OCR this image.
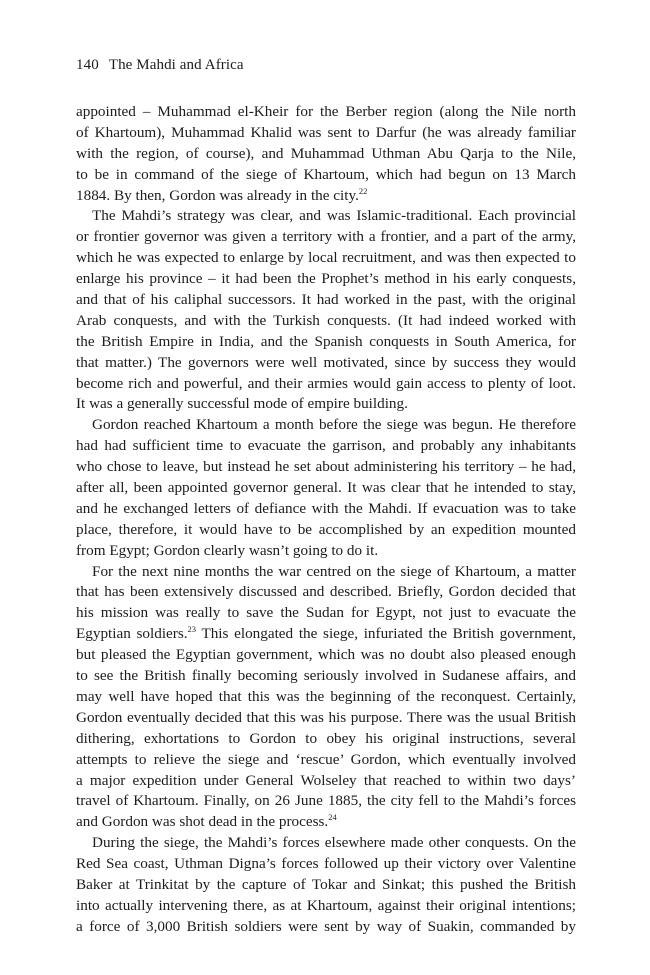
140 The Mahdi and Africa
appointed – Muhammad el-Kheir for the Berber region (along the Nile north
of Khartoum), Muhammad Khalid was sent to Darfur (he was already familiar
with the region, of course), and Muhammad Uthman Abu Qarja to the Nile,
to be in command of the siege of Khartoum, which had begun on 13 March
1884. By then, Gordon was already in the city.$^{22}$
The Mahdi’s strategy was clear, and was Islamic-traditional. Each provincial
or frontier governor was given a territory with a frontier, and a part of the army,
which he was expected to enlarge by local recruitment, and was then expected to
enlarge his province – it had been the Prophet’s method in his early conquests,
and that of his caliphal successors. It had worked in the past, with the original
Arab conquests, and with the Turkish conquests. (It had indeed worked with
the British Empire in India, and the Spanish conquests in South America, for
that matter.) The governors were well motivated, since by success they would
become rich and powerful, and their armies would gain access to plenty of loot.
It was a generally successful mode of empire building.
Gordon reached Khartoum a month before the siege was begun. He therefore
had had sufficient time to evacuate the garrison, and probably any inhabitants
who chose to leave, but instead he set about administering his territory – he had,
after all, been appointed governor general. It was clear that he intended to stay,
and he exchanged letters of defiance with the Mahdi. If evacuation was to take
place, therefore, it would have to be accomplished by an expedition mounted
from Egypt; Gordon clearly wasn’t going to do it.
For the next nine months the war centred on the siege of Khartoum, a matter
that has been extensively discussed and described. Briefly, Gordon decided that
his mission was really to save the Sudan for Egypt, not just to evacuate the
Egyptian soldiers.$^{23}$ This elongated the siege, infuriated the British government,
but pleased the Egyptian government, which was no doubt also pleased enough
to see the British finally becoming seriously involved in Sudanese affairs, and
may well have hoped that this was the beginning of the reconquest. Certainly,
Gordon eventually decided that this was his purpose. There was the usual British
dithering, exhortations to Gordon to obey his original instructions, several
attempts to relieve the siege and ‘rescue’ Gordon, which eventually involved
a major expedition under General Wolseley that reached to within two days’
travel of Khartoum. Finally, on 26 June 1885, the city fell to the Mahdi’s forces
and Gordon was shot dead in the process.$^{24}$
During the siege, the Mahdi’s forces elsewhere made other conquests. On the
Red Sea coast, Uthman Digna’s forces followed up their victory over Valentine
Baker at Trinkitat by the capture of Tokar and Sinkat; this pushed the British
into actually intervening there, as at Khartoum, against their original intentions;
a force of 3,000 British soldiers were sent by way of Suakin, commanded by
